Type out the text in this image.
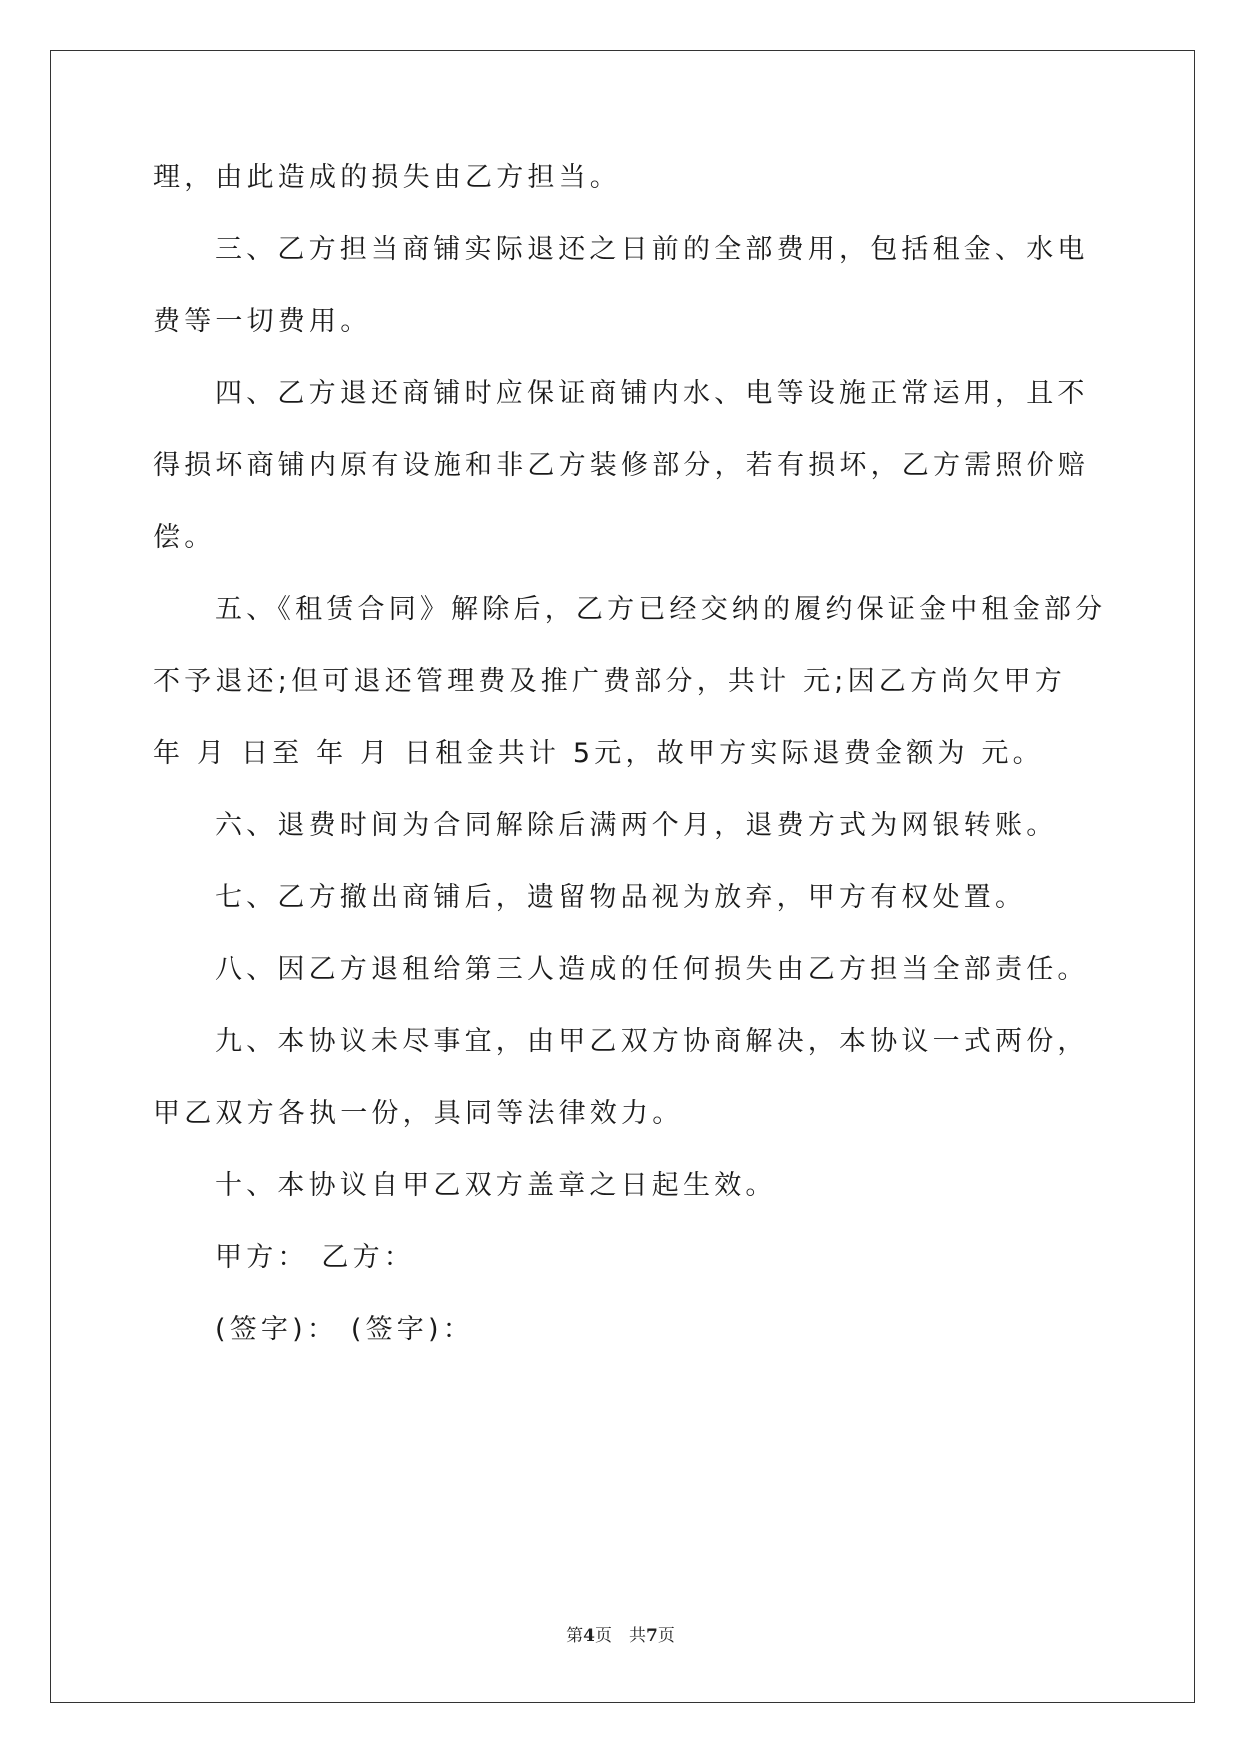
理，由此造成的损失由乙方担当。
三、乙方担当商铺实际退还之日前的全部费用，包括租金、水电
费等一切费用。
四、乙方退还商铺时应保证商铺内水、电等设施正常运用，且不
得损坏商铺内原有设施和非乙方装修部分，若有损坏，乙方需照价赔
偿。
五、《租赁合同》解除后，乙方已经交纳的履约保证金中租金部分
不予退还;但可退还管理费及推广费部分，共计 元;因乙方尚欠甲方
年 月 日至 年 月 日租金共计 5元，故甲方实际退费金额为 元。
六、退费时间为合同解除后满两个月，退费方式为网银转账。
七、乙方撤出商铺后，遗留物品视为放弃，甲方有权处置。
八、因乙方退租给第三人造成的任何损失由乙方担当全部责任。
九、本协议未尽事宜，由甲乙双方协商解决，本协议一式两份，
甲乙双方各执一份，具同等法律效力。
十、本协议自甲乙双方盖章之日起生效。
甲方： 乙方：
(签字)： (签字)：
第4页　共7页
